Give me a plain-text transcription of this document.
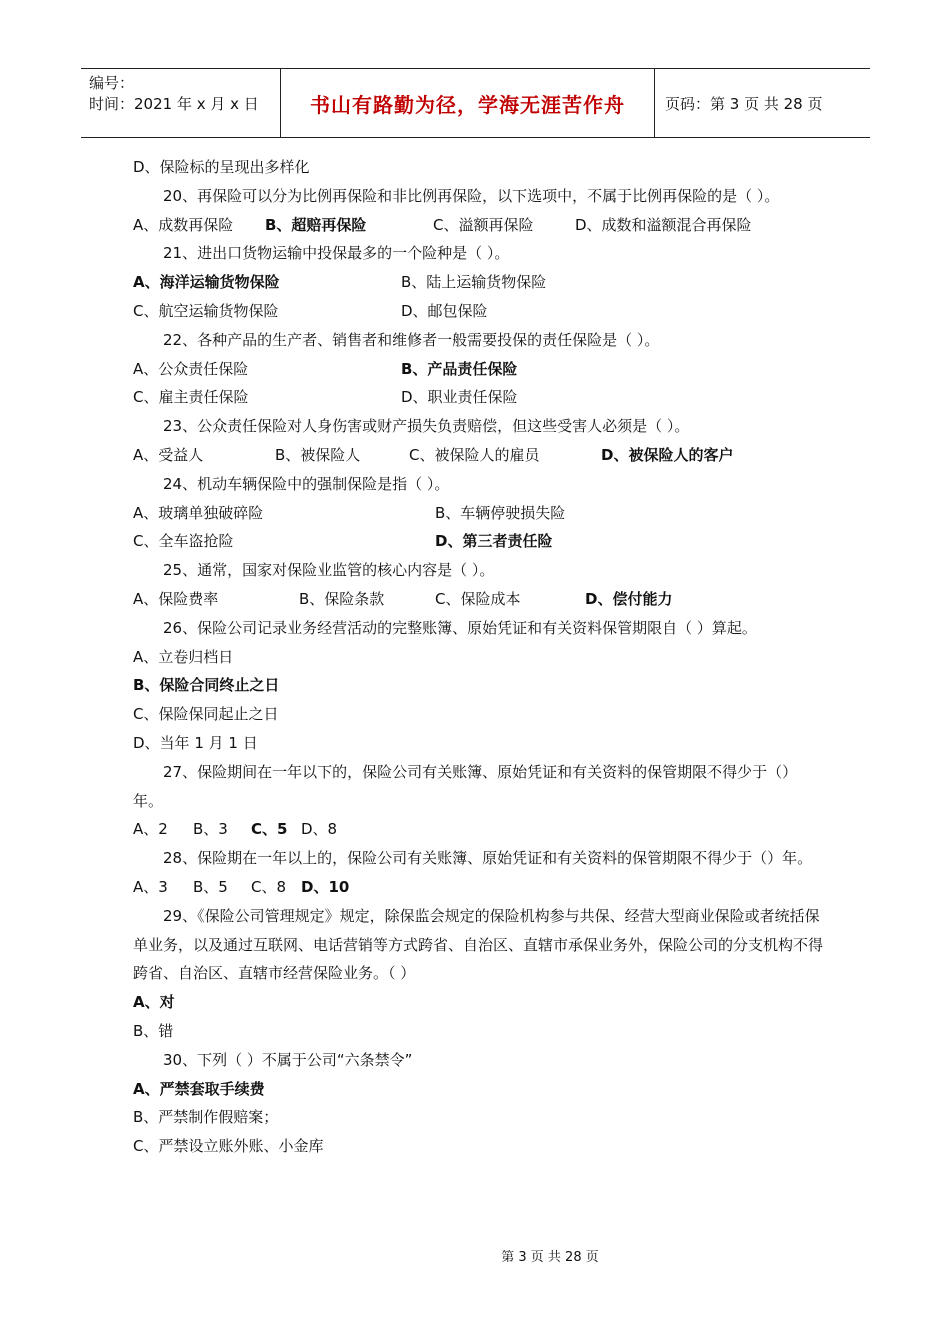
编号：
时间：2021 年 x 月 x 日	书山有路勤为径，学海无涯苦作舟	页码：第 3 页 共 28 页
D、保险标的呈现出多样化
20、再保险可以分为比例再保险和非比例再保险，以下选项中，不属于比例再保险的是（ ）。
A、成数再保险 B、超赔再保险	C、溢额再保险	D、成数和溢额混合再保险
21、进出口货物运输中投保最多的一个险种是（ ）。
A、海洋运输货物保险	B、陆上运输货物保险
C、航空运输货物保险	D、邮包保险
22、各种产品的生产者、销售者和维修者一般需要投保的责任保险是（ ）。
A、公众责任保险	B、产品责任保险
C、雇主责任保险	D、职业责任保险
23、公众责任保险对人身伤害或财产损失负责赔偿，但这些受害人必须是（ ）。
A、受益人	B、被保险人	C、被保险人的雇员	D、被保险人的客户
24、机动车辆保险中的强制保险是指（ ）。
A、玻璃单独破碎险	B、车辆停驶损失险
C、全车盗抢险	D、第三者责任险
25、通常，国家对保险业监管的核心内容是（ ）。
A、保险费率	B、保险条款	C、保险成本	D、偿付能力
26、保险公司记录业务经营活动的完整账簿、原始凭证和有关资料保管期限自（ ）算起。
A、立卷归档日
B、保险合同终止之日
C、保险保同起止之日
D、当年 1 月 1 日
27、保险期间在一年以下的，保险公司有关账簿、原始凭证和有关资料的保管期限不得少于（）年。
A、2 B、3 C、5 D、8
28、保险期在一年以上的，保险公司有关账簿、原始凭证和有关资料的保管期限不得少于（）年。
A、3 B、5 C、8 D、10
29、《保险公司管理规定》规定，除保监会规定的保险机构参与共保、经营大型商业保险或者统括保单业务，以及通过互联网、电话营销等方式跨省、自治区、直辖市承保业务外，保险公司的分支机构不得跨省、自治区、直辖市经营保险业务。（ ）
A、对
B、错
30、下列（ ）不属于公司“六条禁令”
A、严禁套取手续费
B、严禁制作假赔案；
C、严禁设立账外账、小金库
第 3 页 共 28 页
